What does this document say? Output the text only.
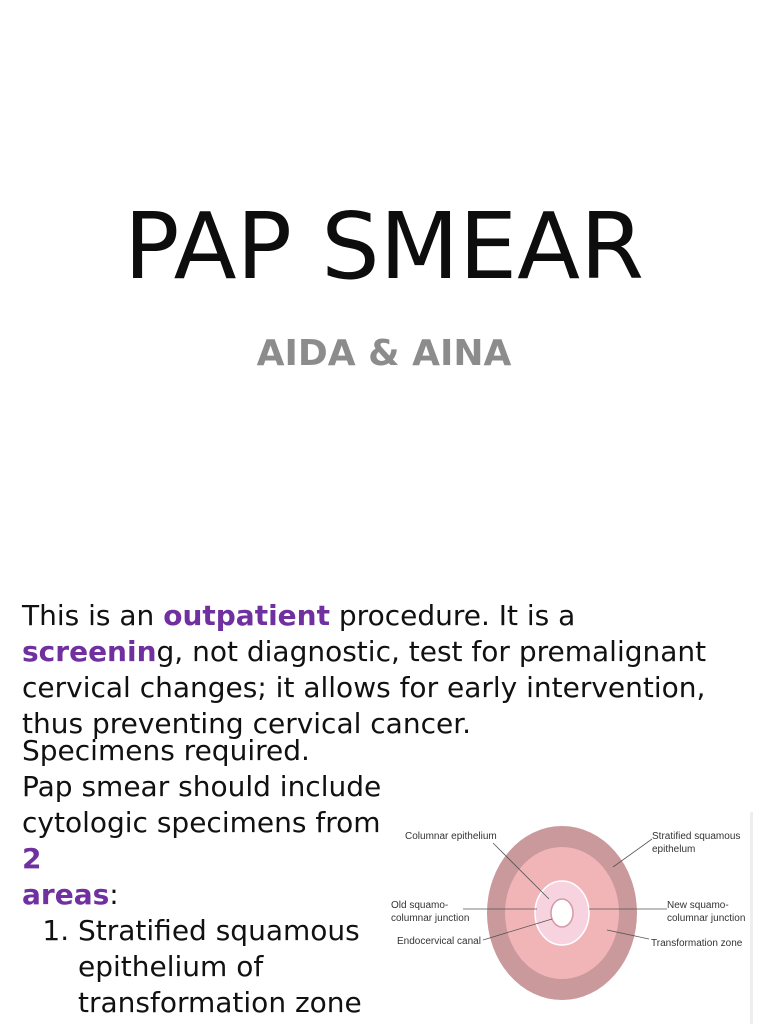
PAP SMEAR
AIDA & AINA
This is an outpatient procedure. It is a screening, not diagnostic, test for premalignant cervical changes; it allows for early intervention, thus preventing cervical cancer.

Specimens required.

Pap smear should include cytologic specimens from 2
areas:

1. Stratified squamous epithelium of transformation zone
Columnar epithelium	Stratified squamous
epithelum
Old squamo-
columnar junction
New squamo-
columnar junction
Endocervical canal	Transformation zone
